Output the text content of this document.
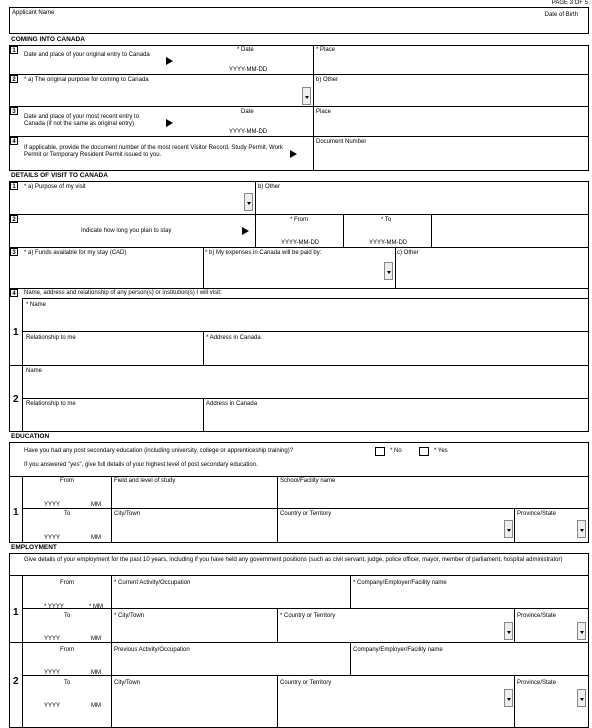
PAGE 3 OF 5
Applicant Name	Date of Birth
COMING INTO CANADA
1
Date and place of your original entry to Canada
* Date
YYYY-MM-DD
* Place
2	* a) The original purpose for coming to Canada	b) Other
3
Date and place of your most recent entry to Canada (if not the same as original entry)
Date
YYYY-MM-DD
Place
4
If applicable, provide the document number of the most recent Visitor Record, Study Permit, Work Permit or Temporary Resident Permit issued to you.
Document Number
DETAILS OF VISIT TO CANADA
1	* a) Purpose of my visit	b) Other
2
Indicate how long you plan to stay
* From
YYYY-MM-DD
* To
YYYY-MM-DD
3	* a) Funds available for my stay (CAD)	* b) My expenses in Canada will be paid by:	c) Other
4	Name, address and relationship of any person(s) or institution(s) I will visit:
1
* Name
Relationship to me	* Address in Canada
2
Name
Relationship to me	Address in Canada
EDUCATION
Have you had any post secondary education (including university, college or apprenticeship training)?	* No	* Yes
If you answered "yes", give full details of your highest level of post secondary education.
1
From
YYYY	MM
To
YYYY	MM
Field and level of study	School/Facility name
City/Town	Country or Territory	Province/State
EMPLOYMENT
Give details of your employment for the past 10 years, including if you have held any government positions (such as civil servant, judge, police officer, mayor, member of parliament, hospital administrator)
1
From
* YYYY	* MM
To
YYYY	MM
* Current Activity/Occupation	* Company/Employer/Facility name
* City/Town	* Country or Territory	Province/State
2
From
YYYY	MM
To
YYYY	MM
Previous Activity/Occupation	Company/Employer/Facility name
City/Town	Country or Territory	Province/State
